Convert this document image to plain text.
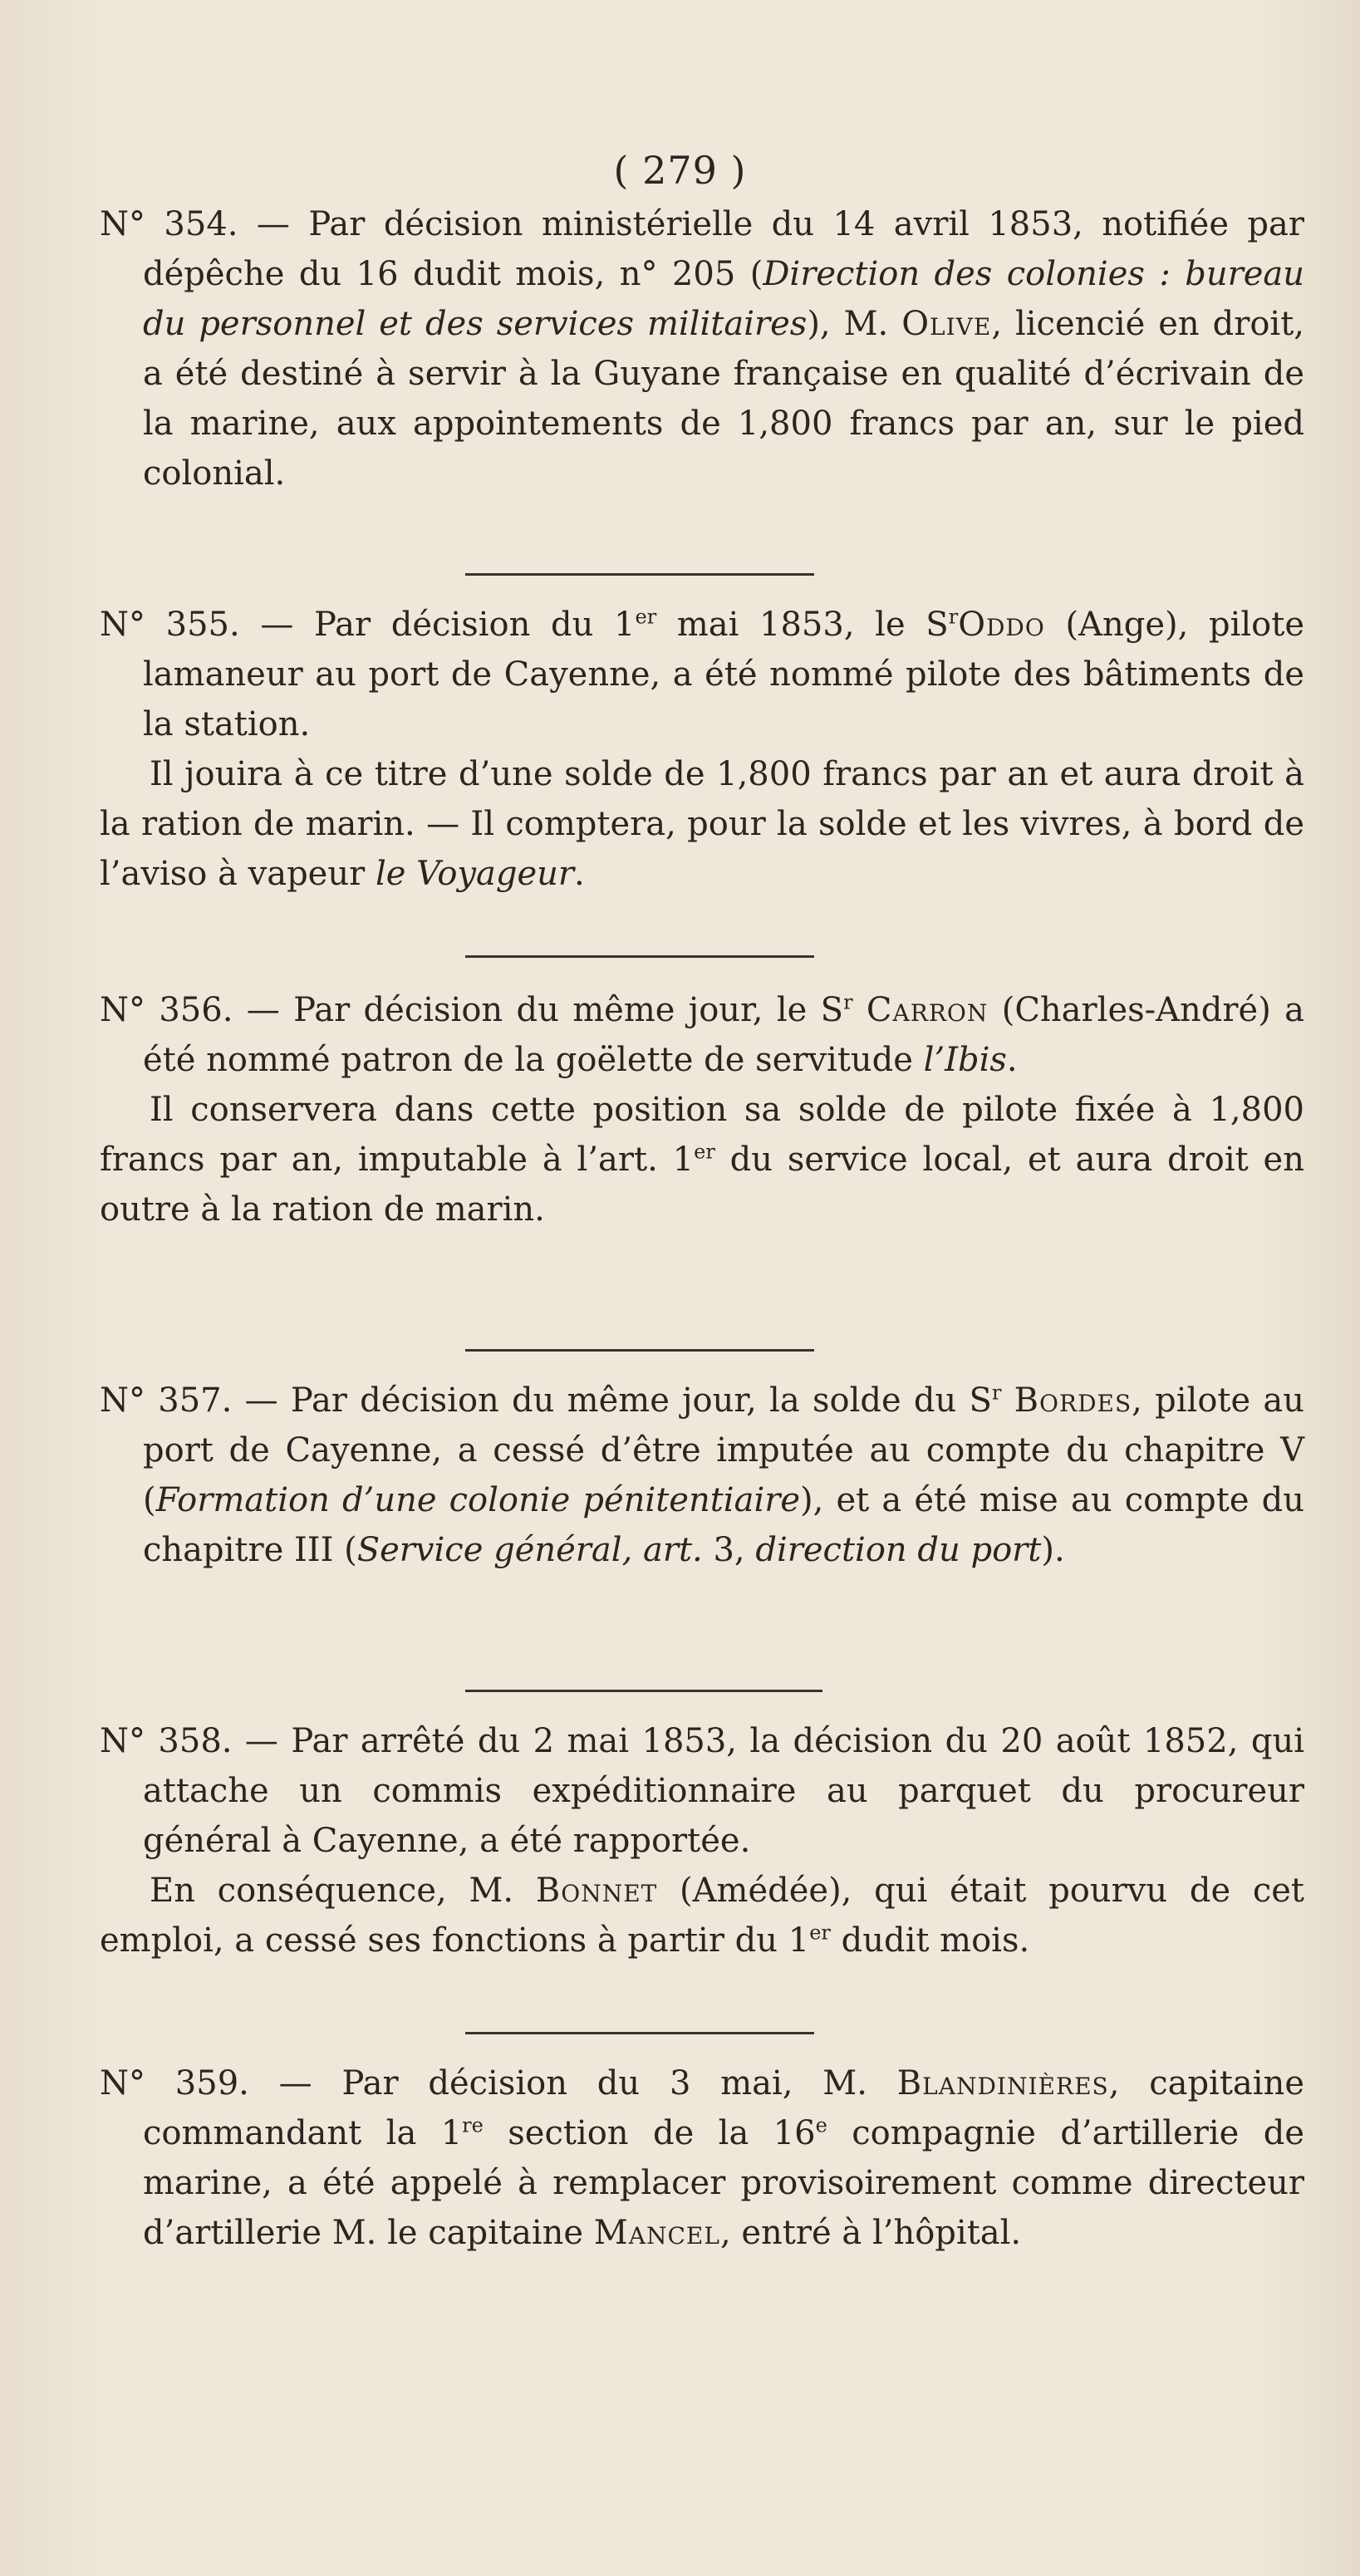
( 279 )

N° 354. — Par décision ministérielle du 14 avril 1853, notifiée par dépêche du 16 dudit mois, n° 205 (Direction des colonies : bureau du personnel et des services militaires), M. Olive, licencié en droit, a été destiné à servir à la Guyane française en qualité d’écrivain de la marine, aux appointements de 1,800 francs par an, sur le pied colonial.

N° 355. — Par décision du 1er mai 1853, le $S^rOddo$ (Ange), pilote lamaneur au port de Cayenne, a été nommé pilote des bâtiments de la station.

Il jouira à ce titre d’une solde de 1,800 francs par an et aura droit à la ration de marin. — Il comptera, pour la solde et les vivres, à bord de l’aviso à vapeur le Voyageur.

N° 356. — Par décision du même jour, le $S^r$ Carron (Charles-André) a été nommé patron de la goëlette de servitude l’Ibis.

Il conservera dans cette position sa solde de pilote fixée à 1,800 francs par an, imputable à l’art. 1er du service local, et aura droit en outre à la ration de marin.

N° 357. — Par décision du même jour, la solde du $S^r$ Bordes, pilote au port de Cayenne, a cessé d’être imputée au compte du chapitre V (Formation d’une colonie pénitentiaire), et a été mise au compte du chapitre III (Service général, art. 3, direction du port).

N° 358. — Par arrêté du 2 mai 1853, la décision du 20 août 1852, qui attache un commis expéditionnaire au parquet du procureur général à Cayenne, a été rapportée.

En conséquence, M. Bonnet (Amédée), qui était pourvu de cet emploi, a cessé ses fonctions à partir du 1er dudit mois.

N° 359. — Par décision du 3 mai, M. Blandinières, capitaine commandant la 1re section de la 16e compagnie d’artillerie de marine, a été appelé à remplacer provisoirement comme directeur d’artillerie M. le capitaine Mancel, entré à l’hôpital.
